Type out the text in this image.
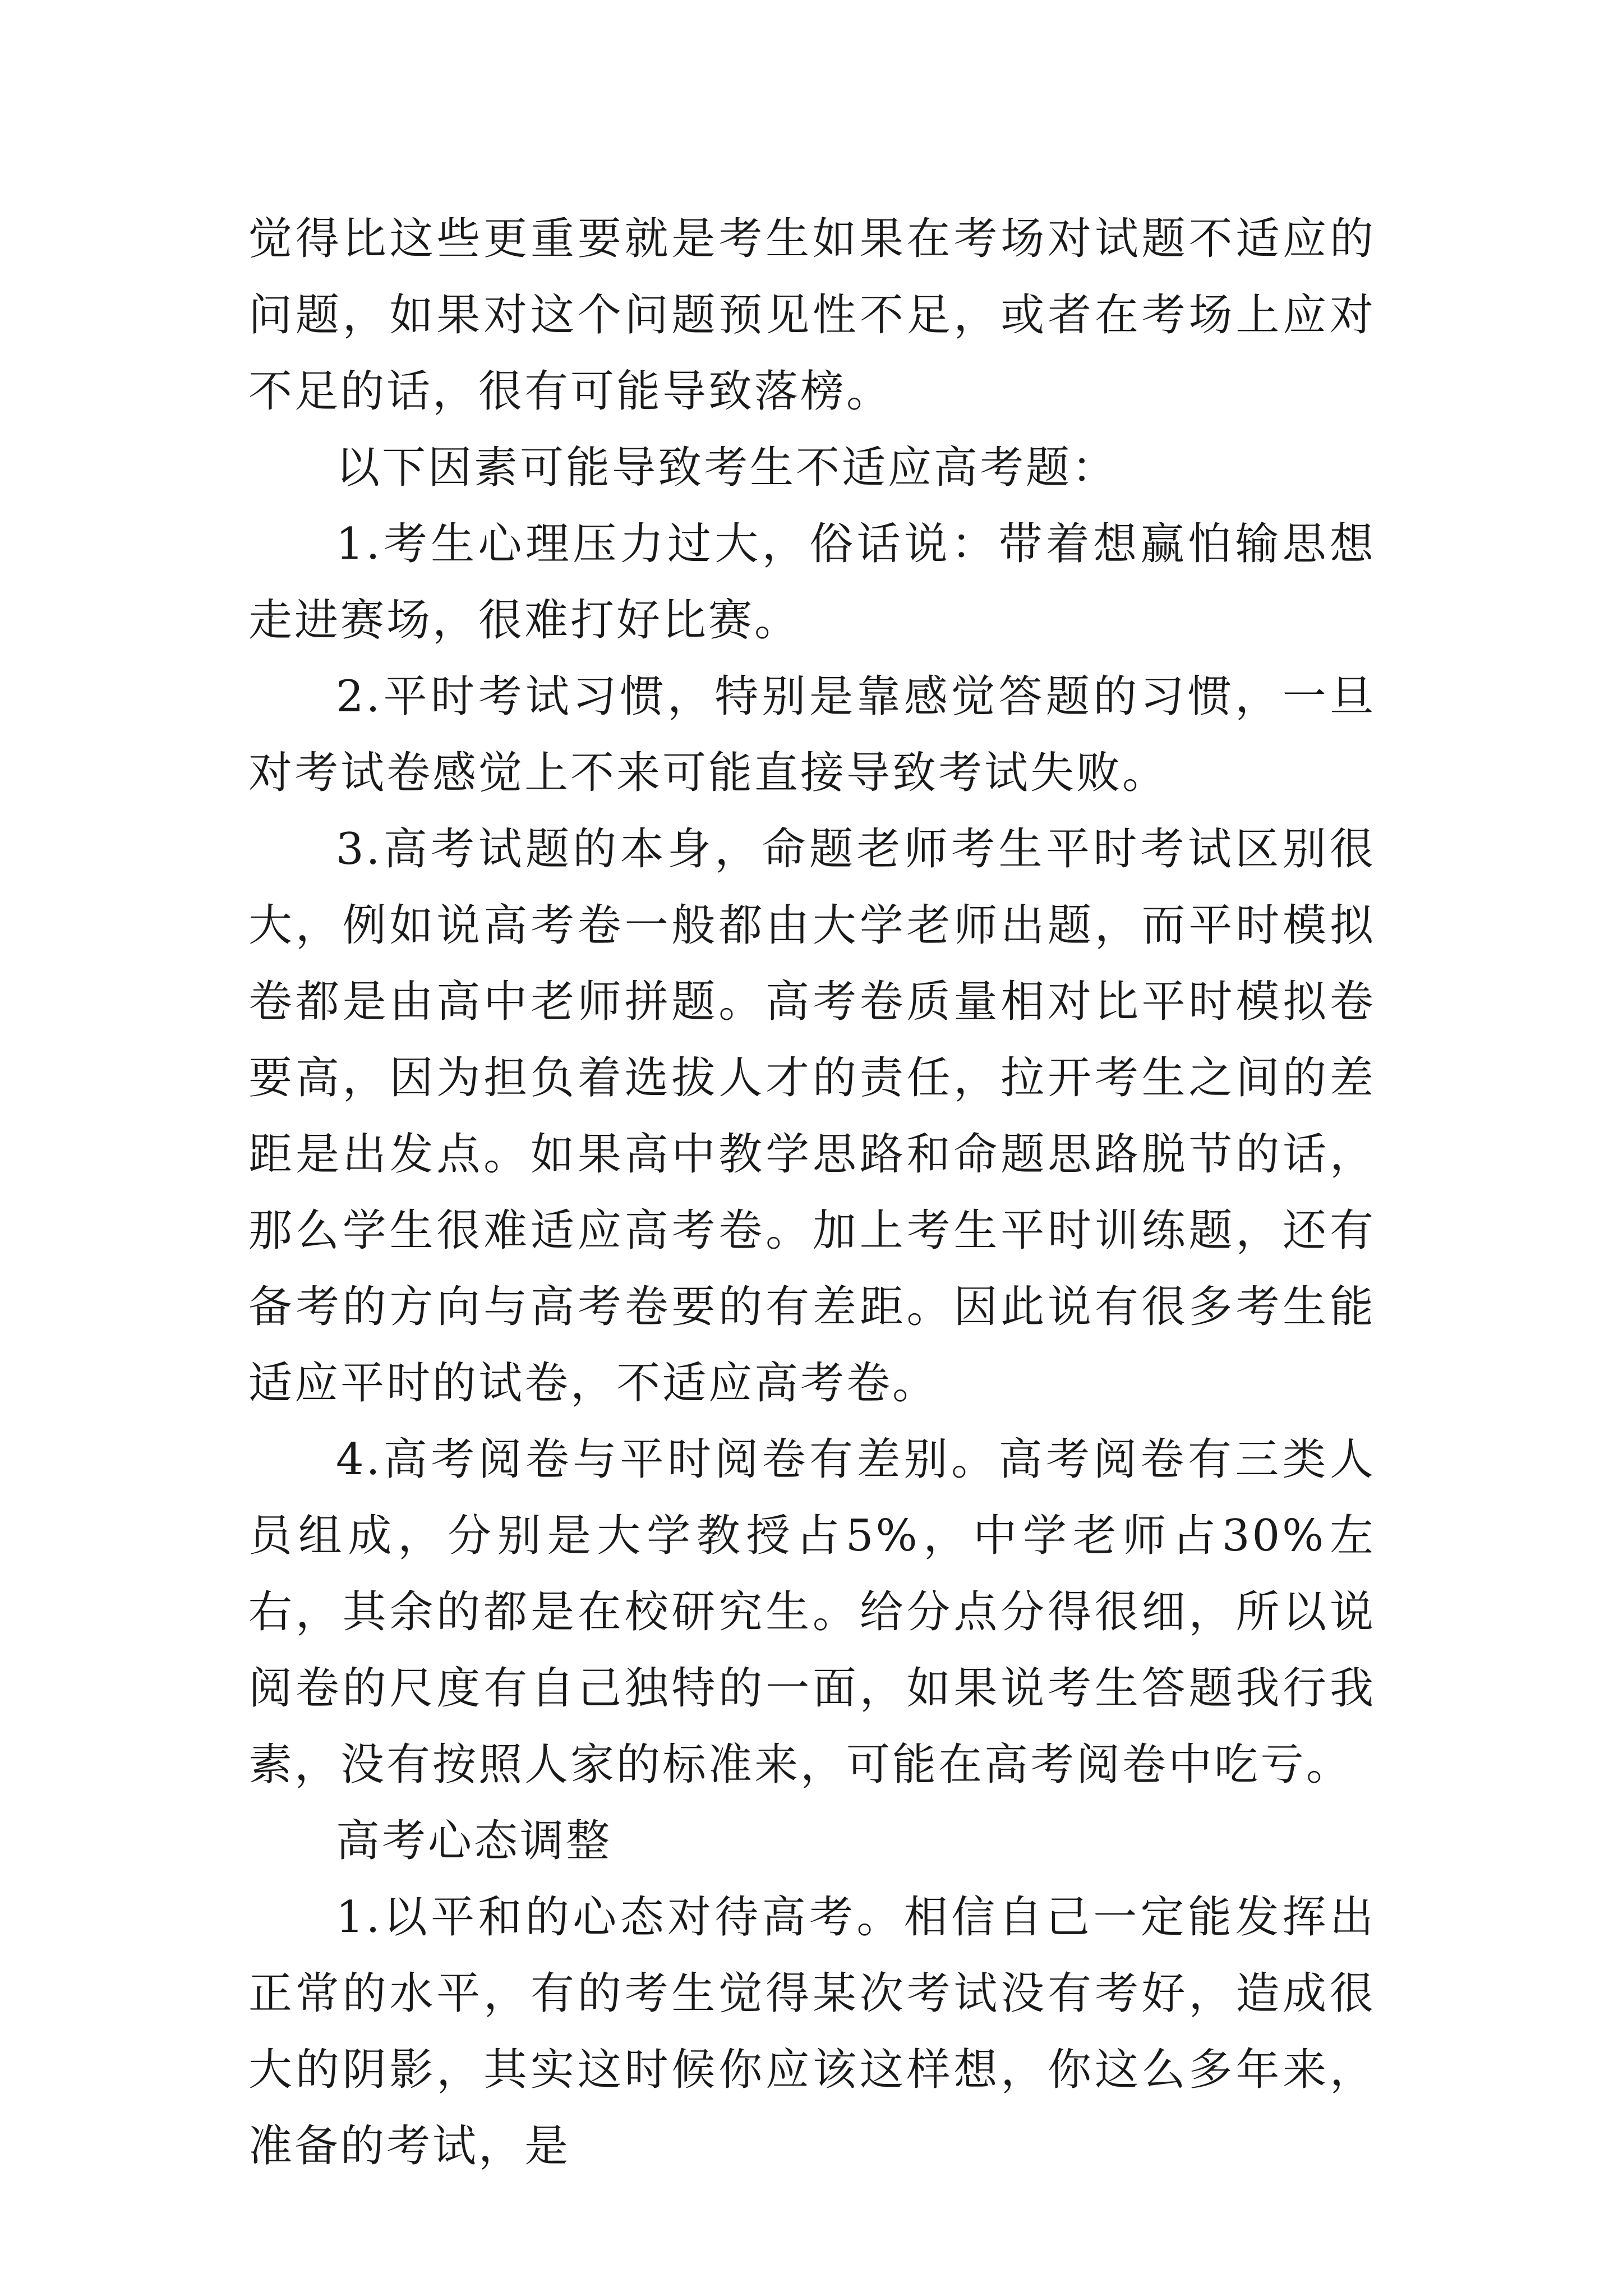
觉得比这些更重要就是考生如果在考场对试题不适应的问题，如果对这个问题预见性不足，或者在考场上应对不足的话，很有可能导致落榜。

以下因素可能导致考生不适应高考题：

1.考生心理压力过大，俗话说：带着想赢怕输思想走进赛场，很难打好比赛。

2.平时考试习惯，特别是靠感觉答题的习惯，一旦对考试卷感觉上不来可能直接导致考试失败。

3.高考试题的本身，命题老师考生平时考试区别很大，例如说高考卷一般都由大学老师出题，而平时模拟卷都是由高中老师拼题。高考卷质量相对比平时模拟卷要高，因为担负着选拔人才的责任，拉开考生之间的差距是出发点。如果高中教学思路和命题思路脱节的话，那么学生很难适应高考卷。加上考生平时训练题，还有备考的方向与高考卷要的有差距。因此说有很多考生能适应平时的试卷，不适应高考卷。

4.高考阅卷与平时阅卷有差别。高考阅卷有三类人员组成，分别是大学教授占5%，中学老师占30%左右，其余的都是在校研究生。给分点分得很细，所以说阅卷的尺度有自己独特的一面，如果说考生答题我行我素，没有按照人家的标准来，可能在高考阅卷中吃亏。

高考心态调整

1.以平和的心态对待高考。相信自己一定能发挥出正常的水平，有的考生觉得某次考试没有考好，造成很大的阴影，其实这时候你应该这样想，你这么多年来，准备的考试，是
